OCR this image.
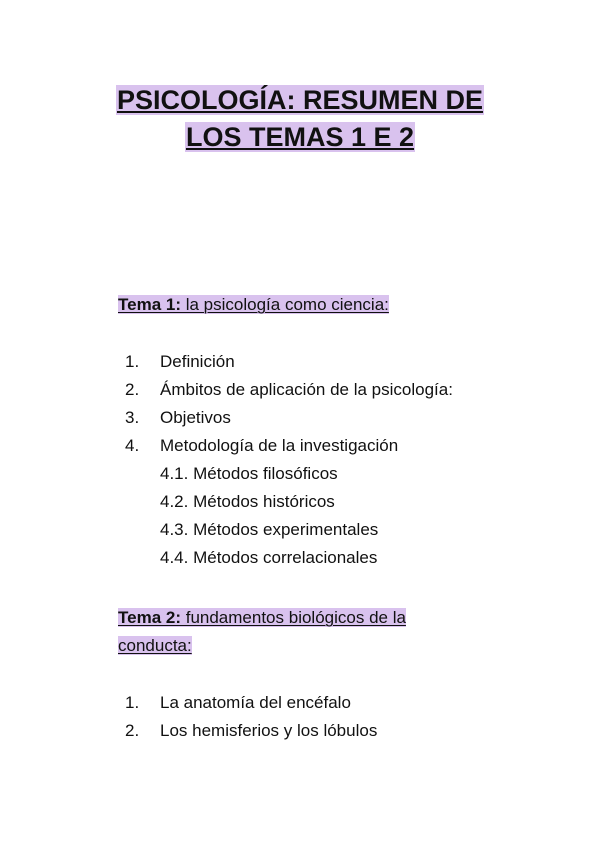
PSICOLOGÍA: RESUMEN DE
LOS TEMAS 1 E 2

Tema 1: la psicología como ciencia:

1. Definición
2. Ámbitos de aplicación de la psicología:
3. Objetivos
4. Metodología de la investigación
4.1. Métodos filosóficos
4.2. Métodos históricos
4.3. Métodos experimentales
4.4. Métodos correlacionales

Tema 2: fundamentos biológicos de la
conducta:

1. La anatomía del encéfalo
2. Los hemisferios y los lóbulos
